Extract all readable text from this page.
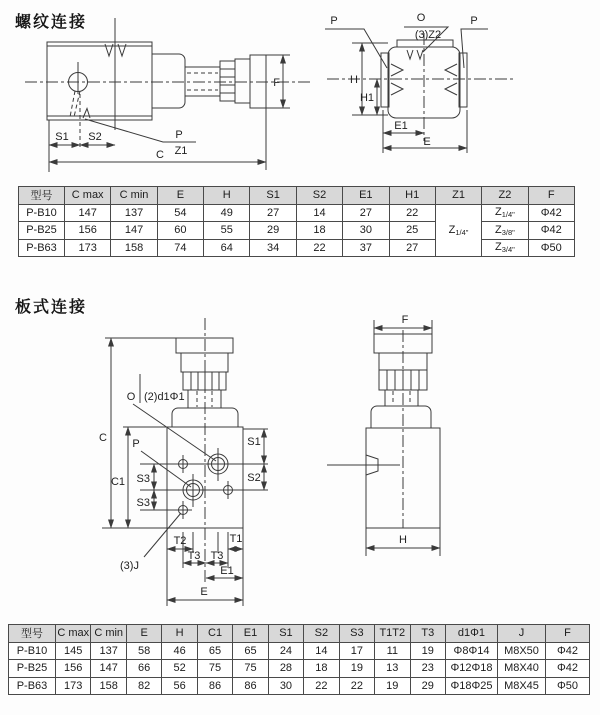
螺纹连接
S1 S2
C
P
Z1
F
P	O
(3)Z2
P
H
H1
E1
E
型号	C max	C min	E	H	S1	S2	E1	H1	Z1	Z2	F
P-B10	147	137	54	49	27	14	27	22	Z1/4"	Z1/4"	Φ42
P-B25	156	147	60	55	29	18	30	25		Z3/8"	Φ42
P-B63	173	158	74	64	34	22	37	27		Z3/4"	Φ50
板式连接
C P
C1 S3
S3
O (2)d1Φ1
(3)J
S1
S2
T2	T1
T3 T3
E1
E
F
H
型号	C max	C min	E	H	C1	E1	S1	S2	S3	T1T2	T3	d1Φ1	J	F
P-B10	145	137	58	46	65	65	24	14	17	11	19	Φ8Φ14	M8X50	Φ42
P-B25	156	147	66	52	75	75	28	18	19	13	23	Φ12Φ18	M8X40	Φ42
P-B63	173	158	82	56	86	86	30	22	22	19	29	Φ18Φ25	M8X45	Φ50
